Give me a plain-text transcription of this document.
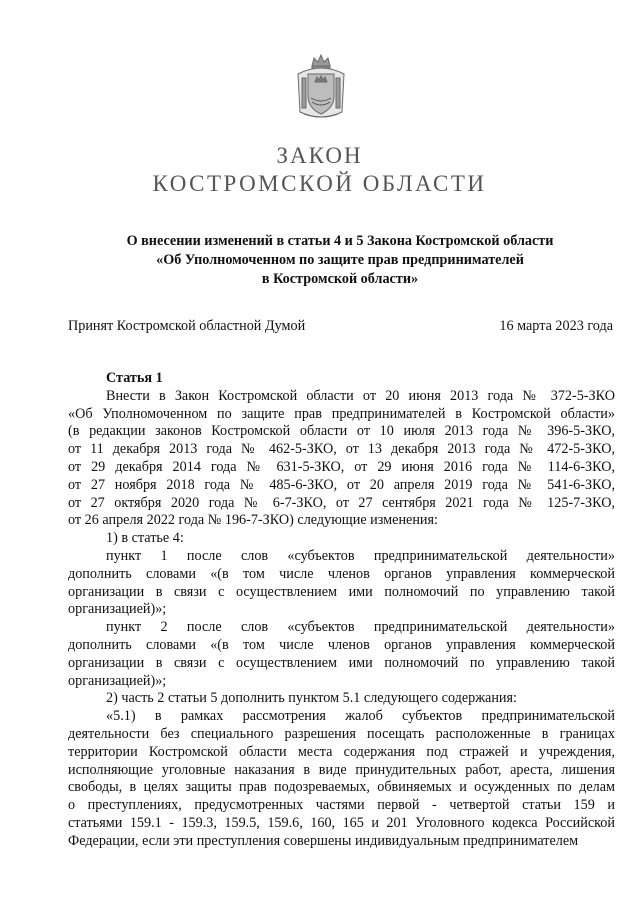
ЗАКОН
КОСТРОМСКОЙ ОБЛАСТИ
О внесении изменений в статьи 4 и 5 Закона Костромской области
«Об Уполномоченном по защите прав предпринимателей
в Костромской области»
Принят Костромской областной Думой	16 марта 2023 года

Статья 1

Внести в Закон Костромской области от 20 июня 2013 года № 372-5-ЗКО

«Об Уполномоченном по защите прав предпринимателей в Костромской области»

(в редакции законов Костромской области от 10 июля 2013 года № 396-5-ЗКО,

от 11 декабря 2013 года № 462-5-ЗКО, от 13 декабря 2013 года № 472-5-ЗКО,

от 29 декабря 2014 года № 631-5-ЗКО, от 29 июня 2016 года № 114-6-ЗКО,

от 27 ноября 2018 года № 485-6-ЗКО, от 20 апреля 2019 года № 541-6-ЗКО,

от 27 октября 2020 года № 6-7-ЗКО, от 27 сентября 2021 года № 125-7-ЗКО,

от 26 апреля 2022 года № 196-7-ЗКО) следующие изменения:

1) в статье 4:

пункт 1 после слов «субъектов предпринимательской деятельности»

дополнить словами «(в том числе членов органов управления коммерческой

организации в связи с осуществлением ими полномочий по управлению такой

организацией)»;

пункт 2 после слов «субъектов предпринимательской деятельности»

дополнить словами «(в том числе членов органов управления коммерческой

организации в связи с осуществлением ими полномочий по управлению такой

организацией)»;

2) часть 2 статьи 5 дополнить пунктом 5.1 следующего содержания:

«5.1) в рамках рассмотрения жалоб субъектов предпринимательской

деятельности без специального разрешения посещать расположенные в границах

территории Костромской области места содержания под стражей и учреждения,

исполняющие уголовные наказания в виде принудительных работ, ареста, лишения

свободы, в целях защиты прав подозреваемых, обвиняемых и осужденных по делам

о преступлениях, предусмотренных частями первой - четвертой статьи 159 и

статьями 159.1 - 159.3, 159.5, 159.6, 160, 165 и 201 Уголовного кодекса Российской

Федерации, если эти преступления совершены индивидуальным предпринимателем
